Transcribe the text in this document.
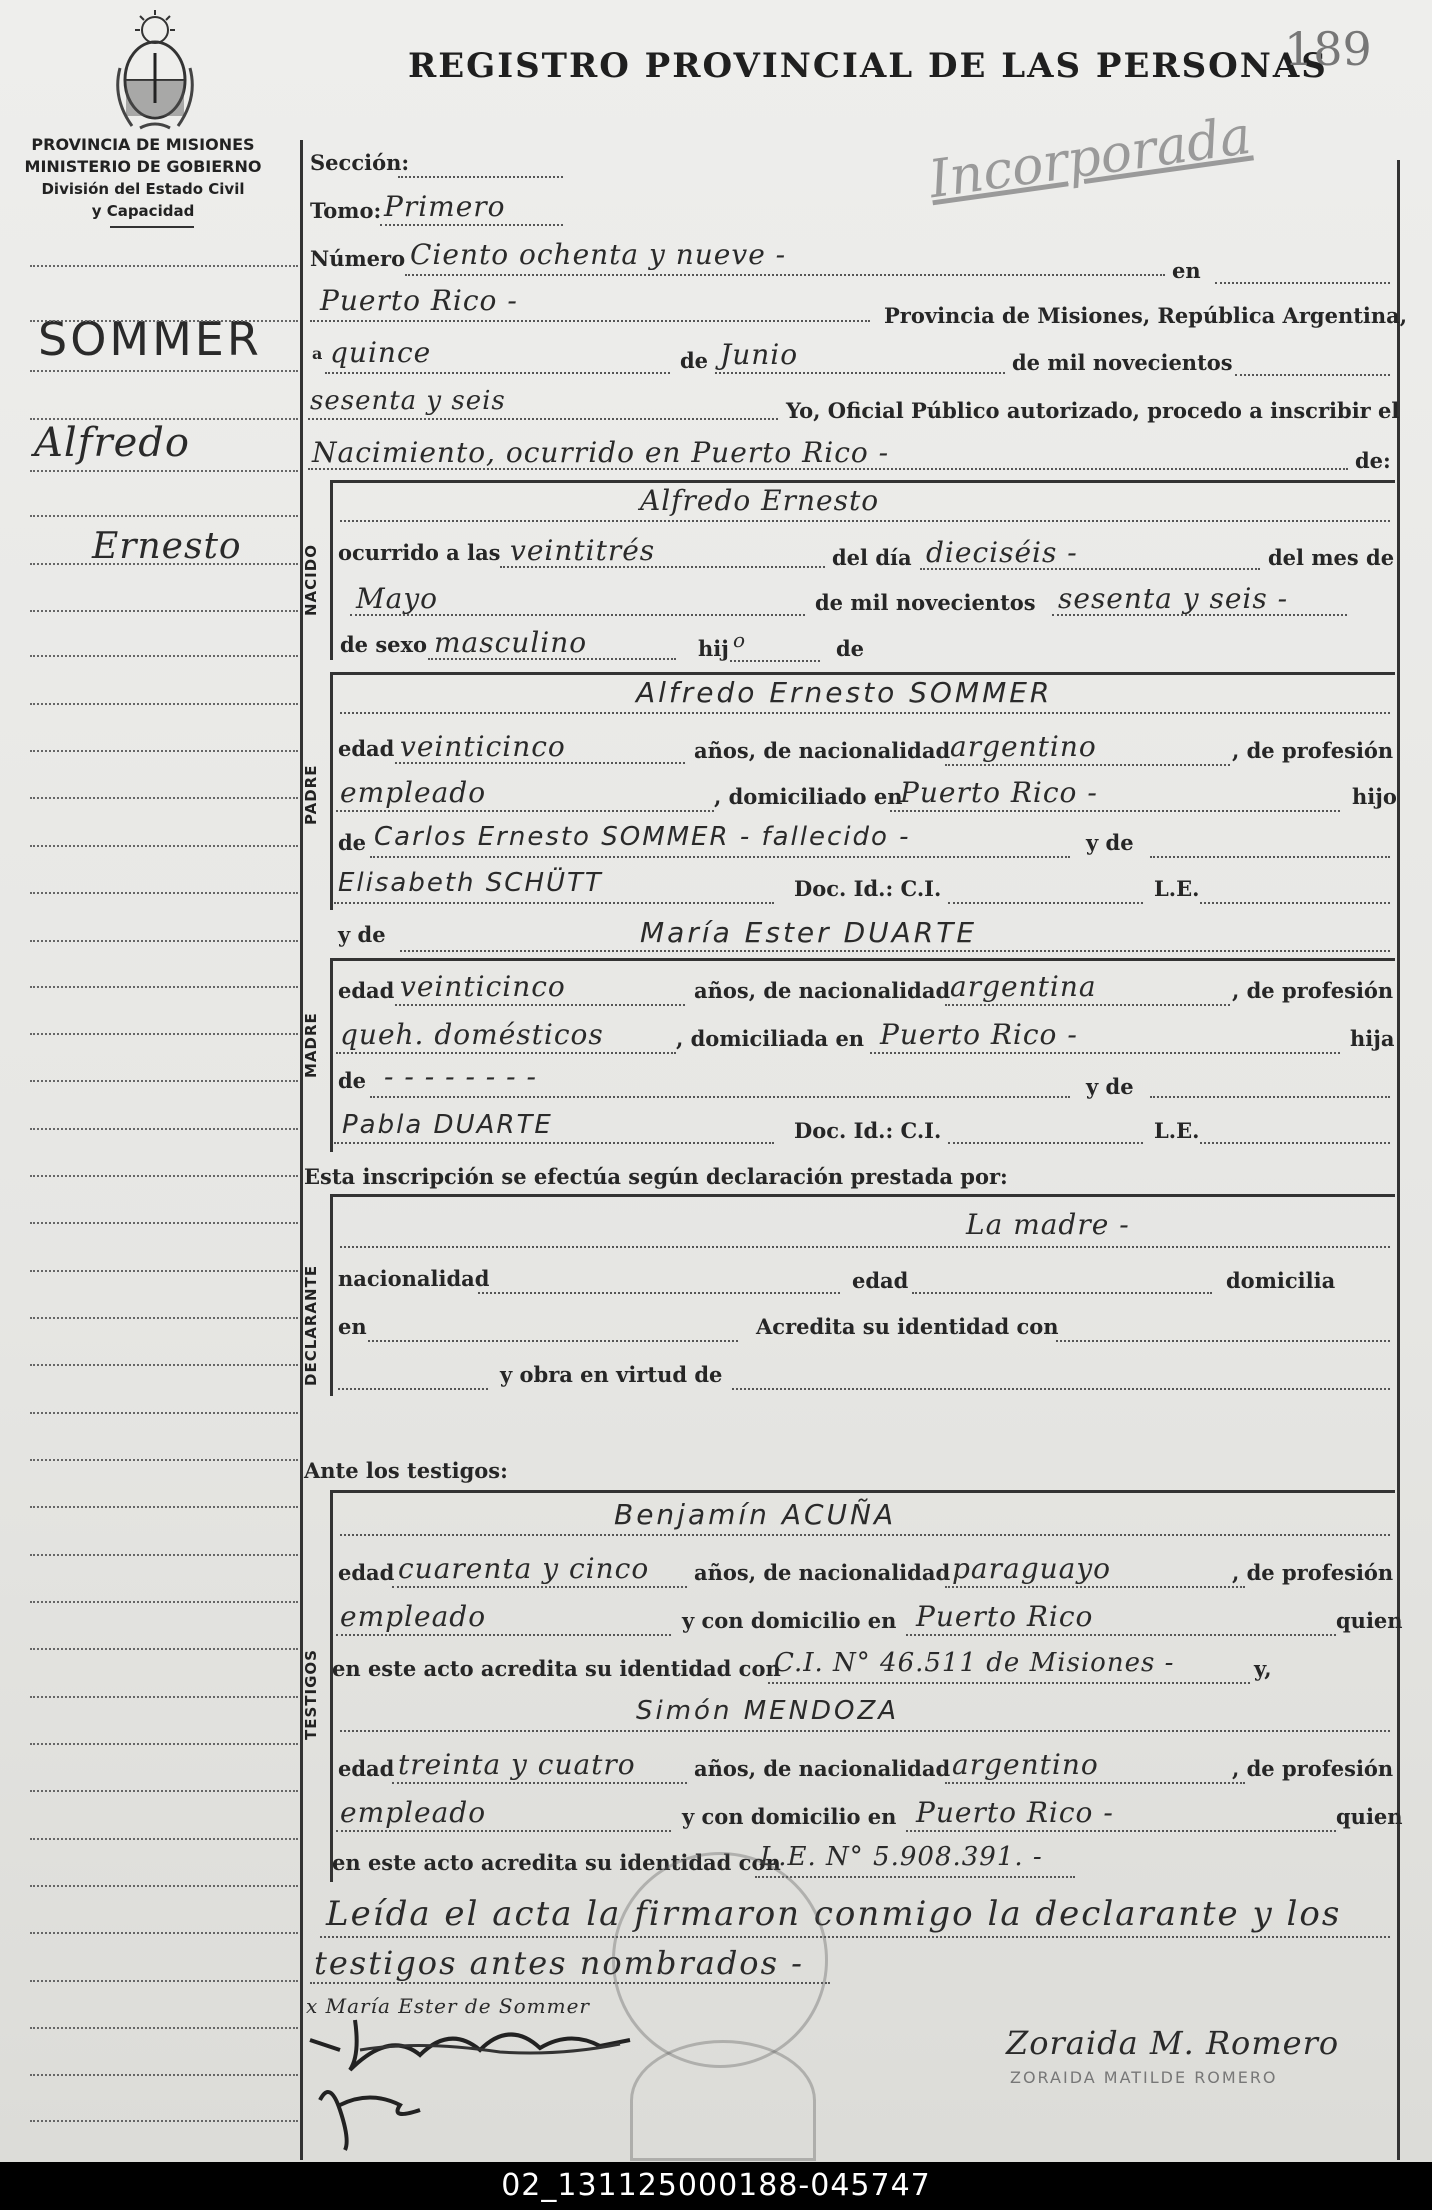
PROVINCIA DE MISIONES
MINISTERIO DE GOBIERNO
División del Estado Civil
y Capacidad
REGISTRO PROVINCIAL DE LAS PERSONAS
189
Incorporada
SOMMER
Alfredo
Ernesto
Sección:
Tomo: Primero
Número Ciento ochenta y nueve -	en
Puerto Rico -	Provincia de Misiones, República Argentina,
a quince	de Junio	de mil novecientos
sesenta y seis	Yo, Oficial Público autorizado, procedo a inscribir el
Nacimiento, ocurrido en Puerto Rico -	de:
NACIDO
Alfredo Ernesto
ocurrido a las veintitrés	del día dieciséis -	del mes de
Mayo	de mil novecientos sesenta y seis -
de sexo masculino	hij o	de
PADRE
Alfredo Ernesto SOMMER
edad veinticinco	años, de nacionalidad argentino	, de profesión
empleado	, domiciliado en
Puerto Rico -	hijo
de Carlos Ernesto SOMMER - fallecido -	y de
Elisabeth SCHÜTT	Doc. Id.: C.I.	L.E.
y de	María Ester DUARTE
MADRE
edad veinticinco	años, de nacionalidad argentina	, de profesión
queh. domésticos	, domiciliada en Puerto Rico -	hija
de - - - - - - - -	y de
Pabla DUARTE	Doc. Id.: C.I.	L.E.
Esta inscripción se efectúa según declaración prestada por:
DECLARANTE
La madre -
nacionalidad	edad	domicilia
en	Acredita su identidad con
y obra en virtud de
Ante los testigos:
TESTIGOS
Benjamín ACUÑA
edad cuarenta y cinco años, de nacionalidad paraguayo	, de profesión
empleado	y con domicilio en Puerto Rico	quien
en este acto acredita su identidad con
C.I. N° 46.511 de Misiones -	y,
Simón MENDOZA
edad treinta y cuatro	años, de nacionalidad argentino	, de profesión
empleado	y con domicilio en Puerto Rico -	quien
en este acto acredita su identidad con
L.E. N° 5.908.391. -
Leída el acta la firmaron conmigo la declarante y los
testigos antes nombrados -
x María Ester de Sommer
Zoraida M. Romero
ZORAIDA MATILDE ROMERO
02_131125000188-045747
